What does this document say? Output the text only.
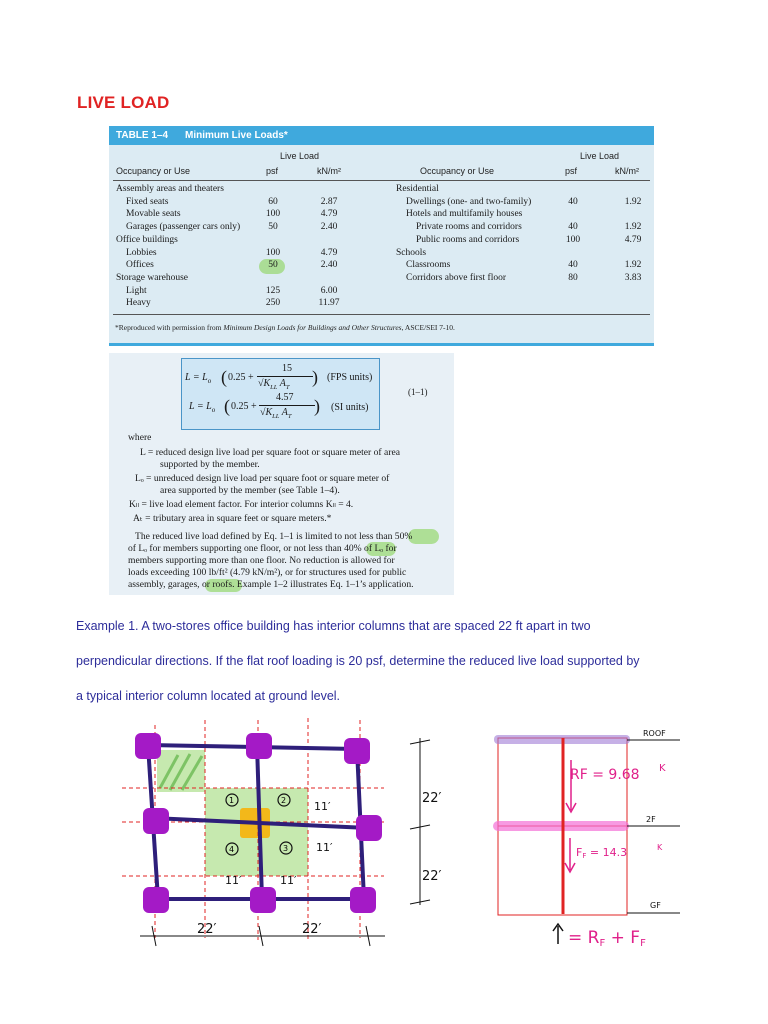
LIVE LOAD
TABLE 1–4 Minimum Live Loads*
Live Load
Occupancy or Use	psf	kN/m²
Live Load
Occupancy or Use	psf	kN/m²
Assembly areas and theaters
Fixed seats	60	2.87
Movable seats	100	4.79
Garages (passenger cars only)	50	2.40
Office buildings
Lobbies	100	4.79
Offices	50	2.40
Storage warehouse
Light	125	6.00
Heavy	250	11.97
Residential
Dwellings (one- and two-family)	40	1.92
Hotels and multifamily houses
Private rooms and corridors	40	1.92
Public rooms and corridors	100	4.79
Schools
Classrooms	40	1.92
Corridors above first floor	80	3.83
*Reproduced with permission from Minimum Design Loads for Buildings and Other Structures, ASCE/SEI 7-10.
$L = L_o$ ( 0.25 +
15
$√K_{LL}$ $A_T$
) (FPS units)
$L = L_o$ ( 0.25 +
4.57
$√K_{LL}$ $A_T$
) (SI units)
(1–1)
where
L = reduced design live load per square foot or square meter of area
supported by the member.
Lₒ = unreduced design live load per square foot or square meter of
area supported by the member (see Table 1–4).
Kₗₗ = live load element factor. For interior columns Kₗₗ = 4.
Aₜ = tributary area in square feet or square meters.*
The reduced live load defined by Eq. 1–1 is limited to not less than 50%
of Lₒ for members supporting one floor, or not less than 40% of Lₒ for
members supporting more than one floor. No reduction is allowed for
loads exceeding 100 lb/ft² (4.79 kN/m²), or for structures used for public
assembly, garages, or roofs. Example 1–2 illustrates Eq. 1–1’s application.
Example 1. A two-stores office building has interior columns that are spaced 22 ft apart in two
perpendicular directions. If the flat roof loading is 20 psf, determine the reduced live load supported by
a typical interior column located at ground level.
1	2
4	3
11′
11′
11′	11′
22′
22′
22′	22′
ROOF
2F
GF
RF = 9.68 K
FF = 14.3	K
= RF + FF
